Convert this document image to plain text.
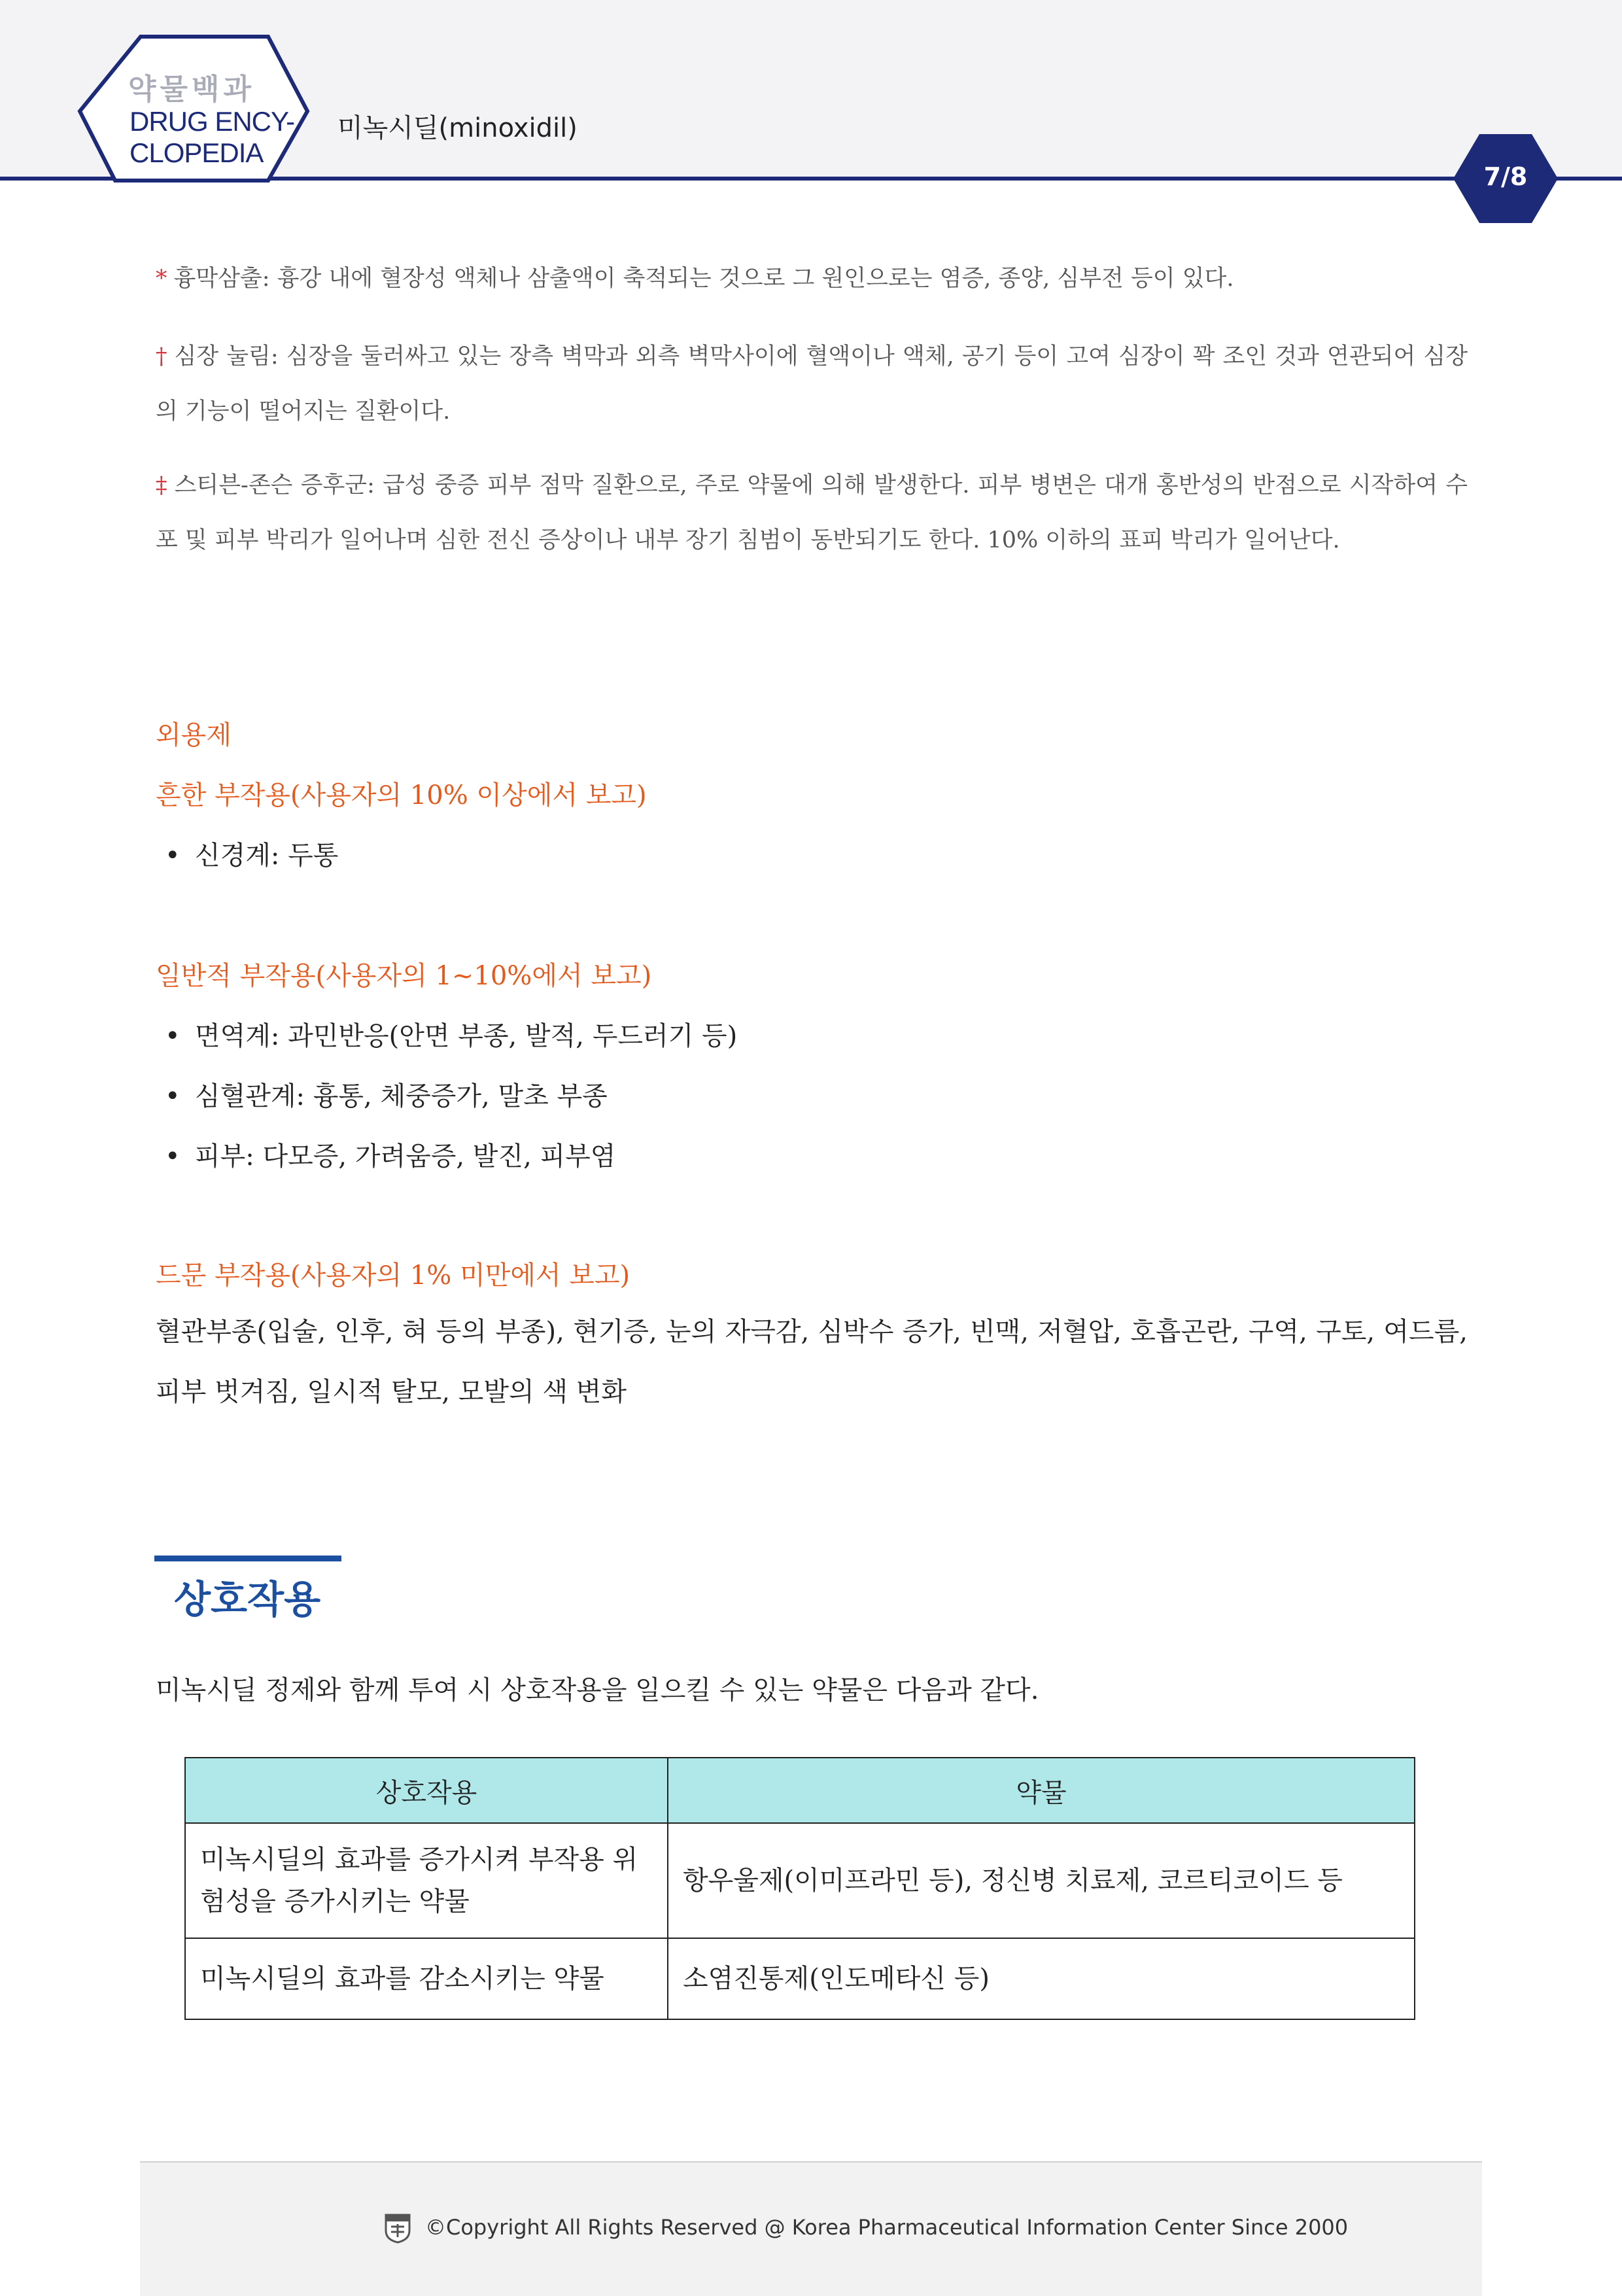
약물백과
DRUG ENCY-
CLOPEDIA
미녹시딜(minoxidil)
7/8
* 흉막삼출: 흉강 내에 혈장성 액체나 삼출액이 축적되는 것으로 그 원인으로는 염증, 종양, 심부전 등이 있다.
† 심장 눌림: 심장을 둘러싸고 있는 장측 벽막과 외측 벽막사이에 혈액이나 액체, 공기 등이 고여 심장이 꽉 조인 것과 연관되어 심장의 기능이 떨어지는 질환이다.
‡ 스티븐-존슨 증후군: 급성 중증 피부 점막 질환으로, 주로 약물에 의해 발생한다. 피부 병변은 대개 홍반성의 반점으로 시작하여 수포 및 피부 박리가 일어나며 심한 전신 증상이나 내부 장기 침범이 동반되기도 한다. 10% 이하의 표피 박리가 일어난다.
외용제
흔한 부작용(사용자의 10% 이상에서 보고)
• 신경계: 두통
일반적 부작용(사용자의 1~10%에서 보고)
• 면역계: 과민반응(안면 부종, 발적, 두드러기 등)
• 심혈관계: 흉통, 체중증가, 말초 부종
• 피부: 다모증, 가려움증, 발진, 피부염
드문 부작용(사용자의 1% 미만에서 보고)
혈관부종(입술, 인후, 혀 등의 부종), 현기증, 눈의 자극감, 심박수 증가, 빈맥, 저혈압, 호흡곤란, 구역, 구토, 여드름, 피부 벗겨짐, 일시적 탈모, 모발의 색 변화
상호작용
미녹시딜 정제와 함께 투여 시 상호작용을 일으킬 수 있는 약물은 다음과 같다.
상호작용	약물
미녹시딜의 효과를 증가시켜 부작용 위험성을 증가시키는 약물	항우울제(이미프라민 등), 정신병 치료제, 코르티코이드 등
미녹시딜의 효과를 감소시키는 약물	소염진통제(인도메타신 등)
©Copyright All Rights Reserved @ Korea Pharmaceutical Information Center Since 2000
